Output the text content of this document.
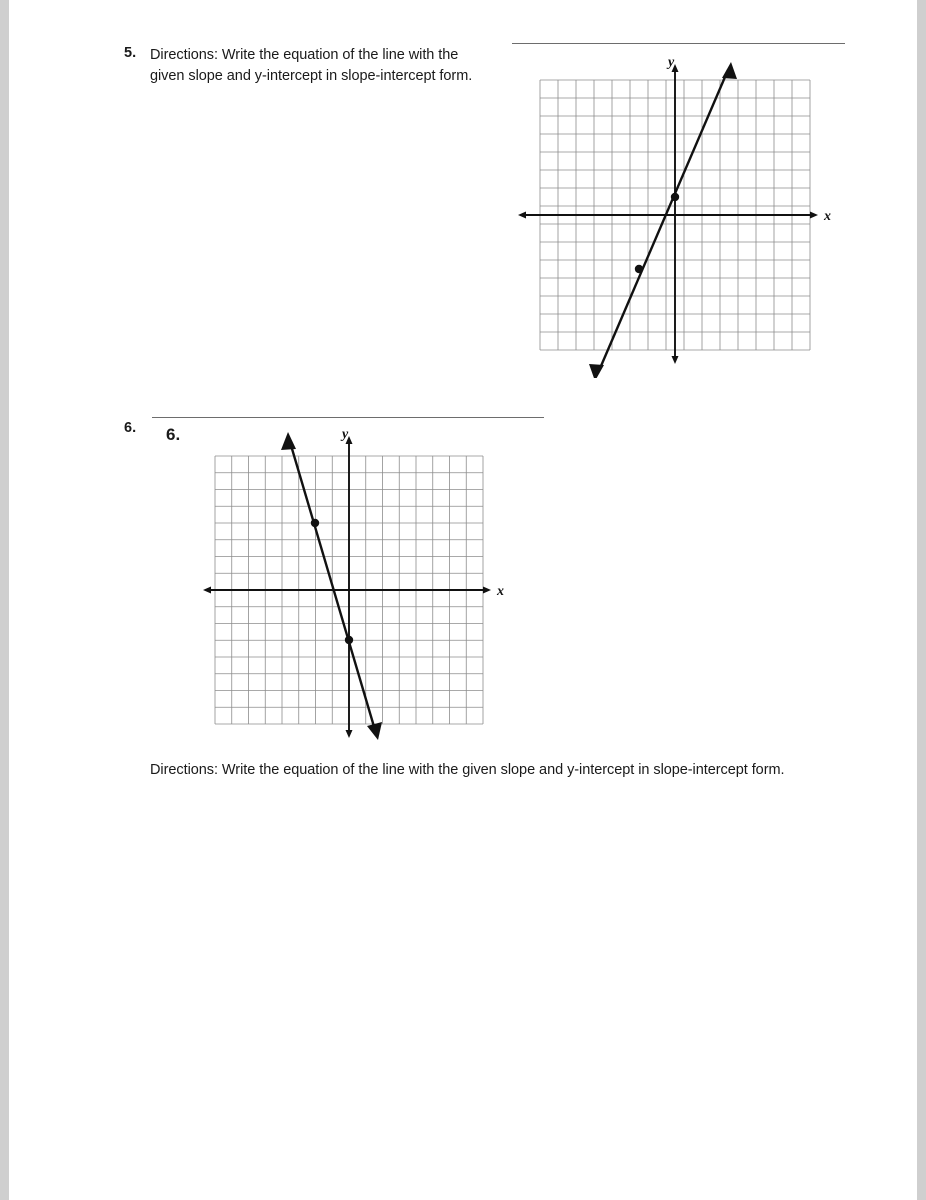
5. Directions: Write the equation of the line with the given slope and y-intercept in slope-intercept form.
x
y
6. 6.
x
y
Directions: Write the equation of the line with the given slope and y-intercept in slope-intercept form.
